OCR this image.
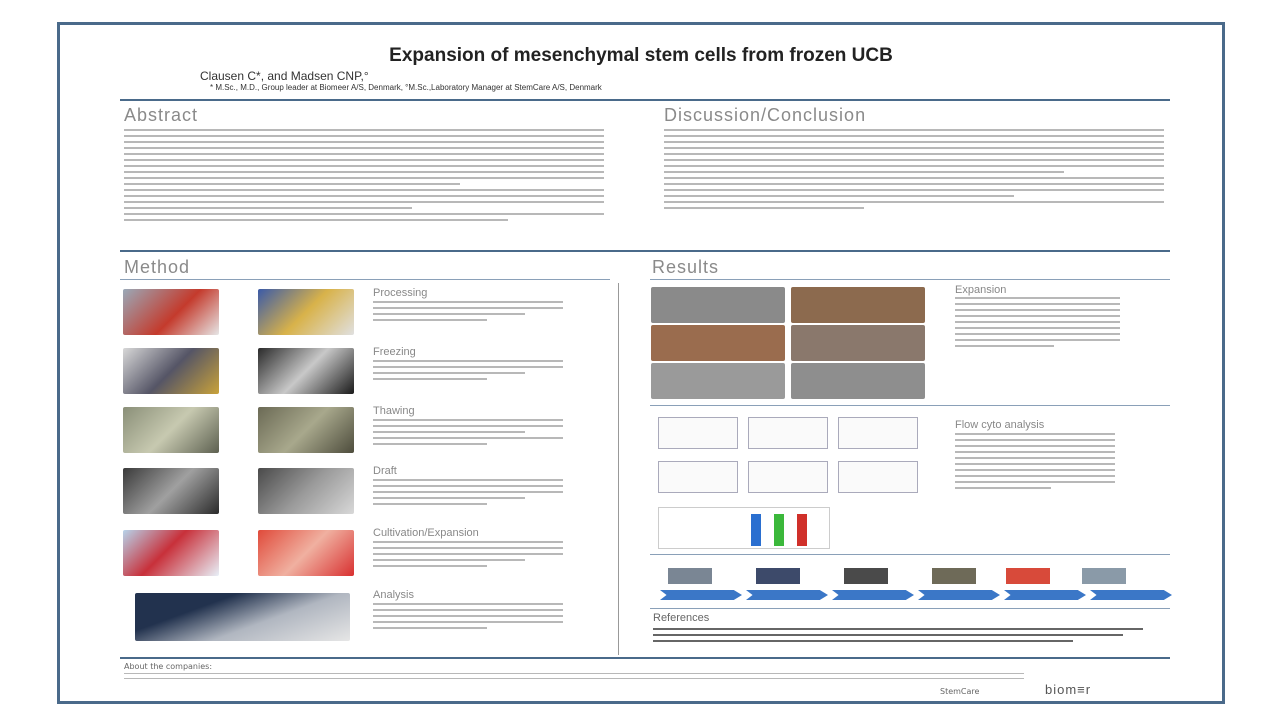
Expansion of mesenchymal stem cells from frozen UCB
Clausen C*, and Madsen CNP,°
* M.Sc., M.D., Group leader at Biomeer A/S, Denmark, °M.Sc.,Laboratory Manager at StemCare A/S, Denmark
Abstract	Discussion/Conclusion
Method
Processing
Freezing
Thawing
Draft
Cultivation/Expansion
Analysis
Results
Expansion
Flow cyto analysis
References
About the companies:
StemCare	biom≡r
